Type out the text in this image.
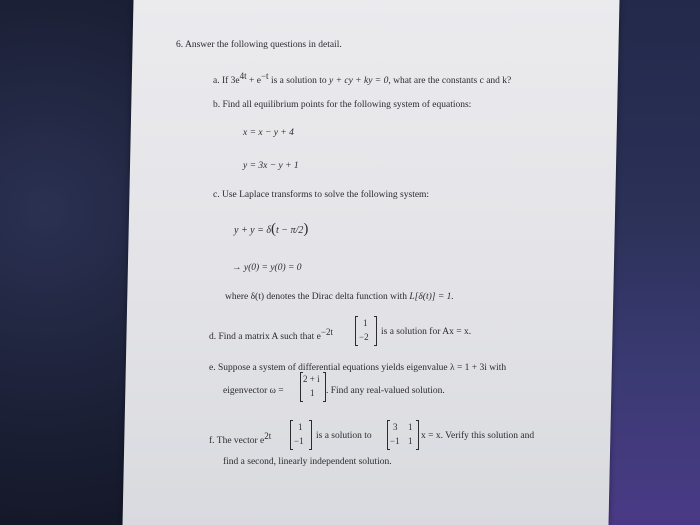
6. Answer the following questions in detail.
a. If $3e^{4t} + e^{-t}$ is a solution to y + cy + ky = 0, what are the constants c and k?
b. Find all equilibrium points for the following system of equations:
x = x − y + 4
y = 3x − y + 1
c. Use Laplace transforms to solve the following system:
y + y = δ(t − π/2)
→ y(0) = y(0) = 0
where δ(t) denotes the Dirac delta function with L[δ(t)] = 1.
d. Find a matrix A such that $e^{-2t}$
1
−2 is a solution for Ax = x.
e. Suppose a system of differential equations yields eigenvalue λ = 1 + 3i with
eigenvector ω =
2 + i
1 . Find any real-valued solution.
f. The vector $e^{2t}$
1
−1 is a solution to
3 1
−1 1 x = x. Verify this solution and
find a second, linearly independent solution.
